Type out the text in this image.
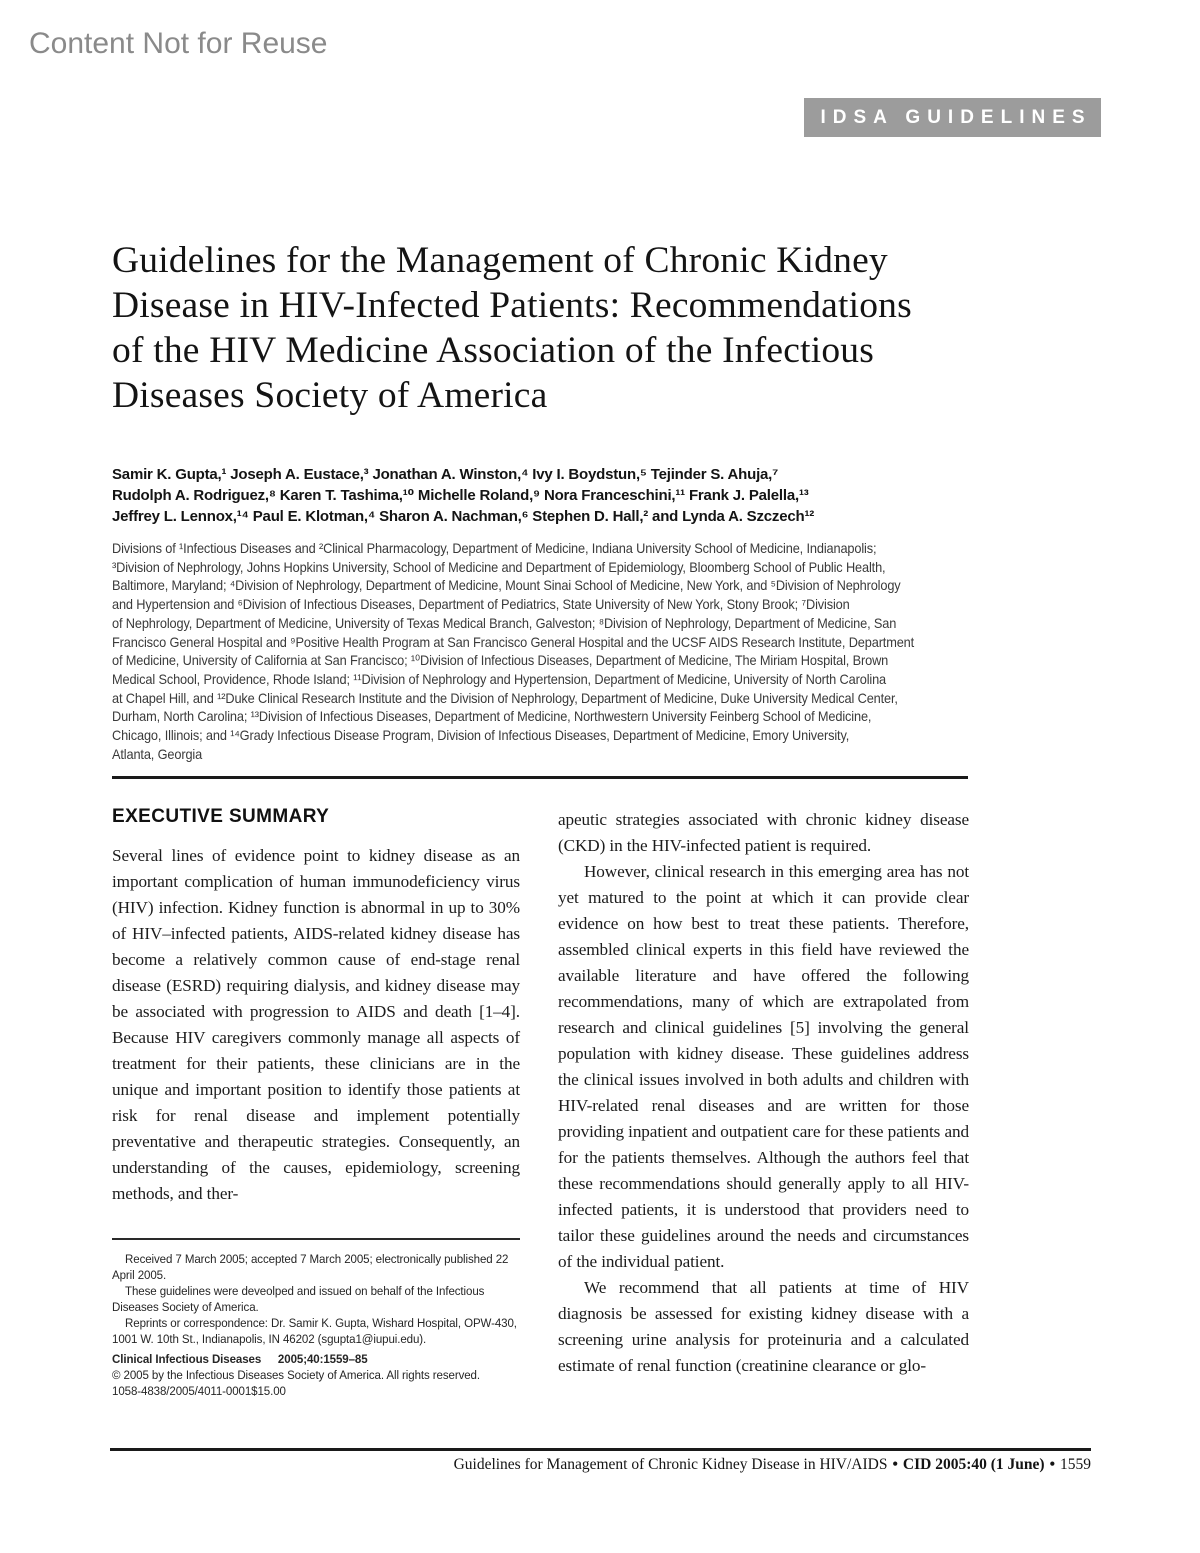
Content Not for Reuse
IDSA GUIDELINES
Guidelines for the Management of Chronic Kidney
Disease in HIV-Infected Patients: Recommendations
of the HIV Medicine Association of the Infectious
Diseases Society of America
Samir K. Gupta,¹ Joseph A. Eustace,³ Jonathan A. Winston,⁴ Ivy I. Boydstun,⁵ Tejinder S. Ahuja,⁷
Rudolph A. Rodriguez,⁸ Karen T. Tashima,¹⁰ Michelle Roland,⁹ Nora Franceschini,¹¹ Frank J. Palella,¹³
Jeffrey L. Lennox,¹⁴ Paul E. Klotman,⁴ Sharon A. Nachman,⁶ Stephen D. Hall,² and Lynda A. Szczech¹²
Divisions of ¹Infectious Diseases and ²Clinical Pharmacology, Department of Medicine, Indiana University School of Medicine, Indianapolis;
³Division of Nephrology, Johns Hopkins University, School of Medicine and Department of Epidemiology, Bloomberg School of Public Health,
Baltimore, Maryland; ⁴Division of Nephrology, Department of Medicine, Mount Sinai School of Medicine, New York, and ⁵Division of Nephrology
and Hypertension and ⁶Division of Infectious Diseases, Department of Pediatrics, State University of New York, Stony Brook; ⁷Division
of Nephrology, Department of Medicine, University of Texas Medical Branch, Galveston; ⁸Division of Nephrology, Department of Medicine, San
Francisco General Hospital and ⁹Positive Health Program at San Francisco General Hospital and the UCSF AIDS Research Institute, Department
of Medicine, University of California at San Francisco; ¹⁰Division of Infectious Diseases, Department of Medicine, The Miriam Hospital, Brown
Medical School, Providence, Rhode Island; ¹¹Division of Nephrology and Hypertension, Department of Medicine, University of North Carolina
at Chapel Hill, and ¹²Duke Clinical Research Institute and the Division of Nephrology, Department of Medicine, Duke University Medical Center,
Durham, North Carolina; ¹³Division of Infectious Diseases, Department of Medicine, Northwestern University Feinberg School of Medicine,
Chicago, Illinois; and ¹⁴Grady Infectious Disease Program, Division of Infectious Diseases, Department of Medicine, Emory University,
Atlanta, Georgia
EXECUTIVE SUMMARY

Several lines of evidence point to kidney disease as an important complication of human immunodeficiency virus (HIV) infection. Kidney function is abnormal in up to 30% of HIV–infected patients, AIDS-related kidney disease has become a relatively common cause of end-stage renal disease (ESRD) requiring dialysis, and kidney disease may be associated with progression to AIDS and death [1–4]. Because HIV caregivers commonly manage all aspects of treatment for their patients, these clinicians are in the unique and important position to identify those patients at risk for renal disease and implement potentially preventative and therapeutic strategies. Consequently, an understanding of the causes, epidemiology, screening methods, and ther-

apeutic strategies associated with chronic kidney disease (CKD) in the HIV-infected patient is required.

However, clinical research in this emerging area has not yet matured to the point at which it can provide clear evidence on how best to treat these patients. Therefore, assembled clinical experts in this field have reviewed the available literature and have offered the following recommendations, many of which are extrapolated from research and clinical guidelines [5] involving the general population with kidney disease. These guidelines address the clinical issues involved in both adults and children with HIV-related renal diseases and are written for those providing inpatient and outpatient care for these patients and for the patients themselves. Although the authors feel that these recommendations should generally apply to all HIV-infected patients, it is understood that providers need to tailor these guidelines around the needs and circumstances of the individual patient.

We recommend that all patients at time of HIV diagnosis be assessed for existing kidney disease with a screening urine analysis for proteinuria and a calculated estimate of renal function (creatinine clearance or glo-

Received 7 March 2005; accepted 7 March 2005; electronically published 22 April 2005.

These guidelines were deveolped and issued on behalf of the Infectious Diseases Society of America.

Reprints or correspondence: Dr. Samir K. Gupta, Wishard Hospital, OPW-430, 1001 W. 10th St., Indianapolis, IN 46202 (sgupta1@iupui.edu).

Clinical Infectious Diseases 2005;40:1559–85

© 2005 by the Infectious Diseases Society of America. All rights reserved.

1058-4838/2005/4011-0001$15.00

Guidelines for Management of Chronic Kidney Disease in HIV/AIDS • CID 2005:40 (1 June) • 1559
